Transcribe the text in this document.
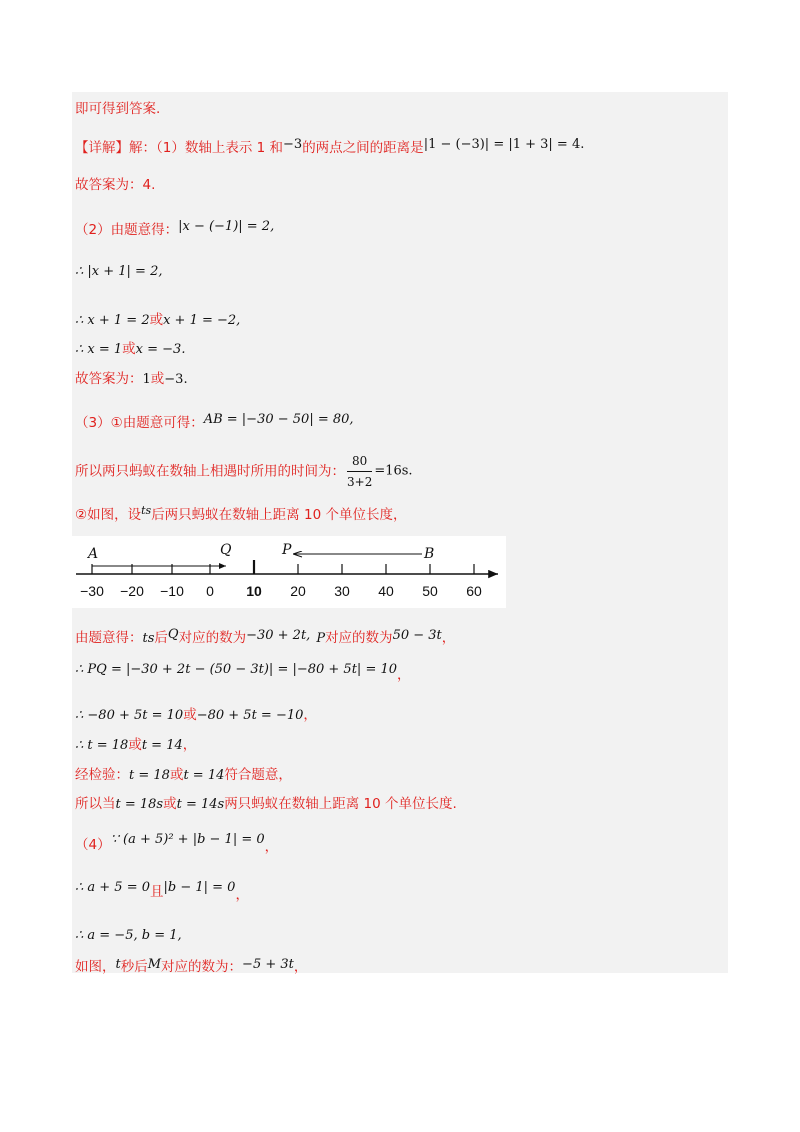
即可得到答案.
【详解】解：（1）数轴上表示 1 和−3的两点之间的距离是|1 − (−3)| = |1 + 3| = 4.
故答案为：4.
（2）由题意得：|x − (−1)| = 2,
∴ |x + 1| = 2,
∴ x + 1 = 2或x + 1 = −2,
∴ x = 1或x = −3.
故答案为：1或−3.
（3）①由题意可得：AB = |−30 − 50| = 80,
所以两只蚂蚁在数轴上相遇时所用的时间为： $\frac{80}{3+2} =16s$.
②如图，设$^{ts}$后两只蚂蚁在数轴上距离 10 个单位长度，
−30 −20 −10 0 10 20 30 40 50 60
A	Q	P	B
由题意得：ts后Q对应的数为−30 + 2t, P对应的数为50 − 3t，
∴ PQ = |−30 + 2t − (50 − 3t)| = |−80 + 5t| = 10，
∴ −80 + 5t = 10或−80 + 5t = −10，
∴ t = 18或t = 14，
经检验：t = 18或t = 14符合题意，
所以当t = 18s或t = 14s两只蚂蚁在数轴上距离 10 个单位长度.
（4）∵ (a + 5)² + |b − 1| = 0，
∴ a + 5 = 0且|b − 1| = 0，
∴ a = −5, b = 1,
如图，t秒后M对应的数为：−5 + 3t，
